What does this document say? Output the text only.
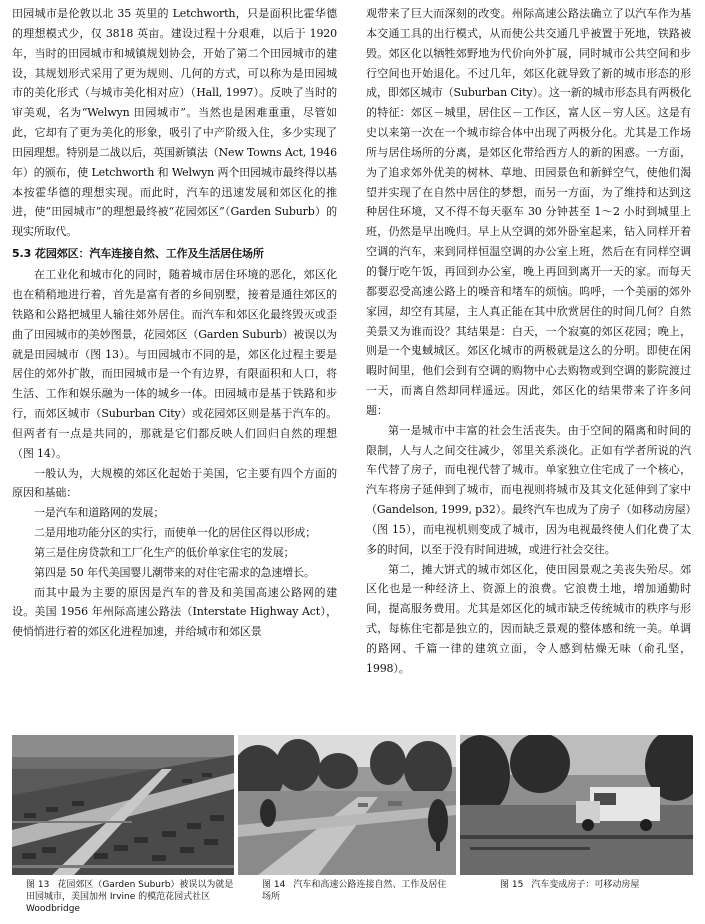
田园城市是伦敦以北 35 英里的 Letchworth，只是面积比霍华德的理想模式少，仅 3818 英亩。建设过程十分艰难，以后于 1920 年，当时的田园城市和城镇规划协会，开始了第二个田园城市的建设，其规划形式采用了更为规则、几何的方式，可以称为是田园城市的美化形式（与城市美化相对应）（Hall, 1997）。反映了当时的审美观，名为“Welwyn 田园城市”。当然也是困难重重，尽管如此，它却有了更为美化的形象，吸引了中产阶级入住，多少实现了田园理想。特别是二战以后，英国新镇法（New Towns Act, 1946 年）的颁布，使 Letchworth 和 Welwyn 两个田园城市最终得以基本按霍华德的理想实现。而此时，汽车的迅速发展和郊区化的推进，使“田园城市”的理想最终被“花园郊区”（Garden Suburb）的现实所取代。

5.3 花园郊区：汽车连接自然、工作及生活居住场所

在工业化和城市化的同时，随着城市居住环境的恶化，郊区化也在稍稍地进行着，首先是富有者的乡间别墅，接着是通往郊区的铁路和公路把城里人输往郊外居住。而汽车和郊区化最终毁灭或歪曲了田园城市的美妙图景，花园郊区（Garden Suburb）被误以为就是田园城市（图 13）。与田园城市不同的是，郊区化过程主要是居住的郊外扩散，而田园城市是一个有边界，有限面积和人口，将生活、工作和娱乐融为一体的城乡一体。田园城市是基于铁路和步行，而郊区城市（Suburban City）或花园郊区则是基于汽车的。但两者有一点是共同的，那就是它们都反映人们回归自然的理想（图 14）。

一般认为，大规模的郊区化起始于美国，它主要有四个方面的原因和基础：

一是汽车和道路网的发展；

二是用地功能分区的实行，而使单一化的居住区得以形成；

第三是住房贷款和工厂化生产的低价单家住宅的发展；

第四是 50 年代美国婴儿潮带来的对住宅需求的急速增长。

而其中最为主要的原因是汽车的普及和美国高速公路网的建设。美国 1956 年州际高速公路法（Interstate Highway Act），使悄悄进行着的郊区化进程加速，并给城市和郊区景

观带来了巨大而深刻的改变。州际高速公路法确立了以汽车作为基本交通工具的出行模式，从而使公共交通几乎被置于死地，铁路被毁。郊区化以牺牲郊野地为代价向外扩展，同时城市公共空间和步行空间也开始退化。不过几年，郊区化就导致了新的城市形态的形成，即郊区城市（Suburban City）。这一新的城市形态具有两极化的特征：郊区－城里，居住区－工作区，富人区－穷人区。这是有史以来第一次在一个城市综合体中出现了两极分化。尤其是工作场所与居住场所的分离，是郊区化带给西方人的新的困惑。一方面，为了追求郊外优美的树林、草地、田园景色和新鲜空气，使他们渴望并实现了在自然中居住的梦想，而另一方面，为了维持和达到这种居住环境，又不得不每天驱车 30 分钟甚至 1～2 小时到城里上班，仍然是早出晚归。早上从空调的郊外卧室起来，钻入同样开着空调的汽车，来到同样恒温空调的办公室上班，然后在有同样空调的餐厅吃午饭，再回到办公室，晚上再回到离开一天的家。而每天都要忍受高速公路上的噪音和堵车的烦恼。呜呼，一个美丽的郊外家园，却空有其屋，主人真正能在其中欣赏居住的时间几何？自然美景又为谁而设？其结果是：白天，一个寂寞的郊区花园；晚上，则是一个鬼蜮城区。郊区化城市的两极就是这么的分明。即使在闲暇时间里，他们会到有空调的购物中心去购物或到空调的影院渡过一天，而离自然却同样遥远。因此，郊区化的结果带来了许多问题：

第一是城市中丰富的社会生活丧失。由于空间的隔离和时间的限制，人与人之间交往减少，邻里关系淡化。正如有学者所说的汽车代替了房子，而电视代替了城市。单家独立住宅成了一个核心，汽车将房子延伸到了城市，而电视则将城市及其文化延伸到了家中（Gandelson, 1999, p32）。最终汽车也成为了房子（如移动房屋）（图 15），而电视机则变成了城市，因为电视最终使人们化费了太多的时间，以至于没有时间进城，或进行社会交往。

第二，摊大饼式的城市郊区化，使田园景观之美丧失殆尽。郊区化也是一种经济上、资源上的浪费。它浪费土地，增加通勤时间，提高服务费用。尤其是郊区化的城市缺乏传统城市的秩序与形式，每栋住宅都是独立的，因而缺乏景观的整体感和统一美。单调的路网、千篇一律的建筑立面，令人感到枯燥无味（俞孔坚，1998）。

图 13 花园郊区（Garden Suburb）被误以为就是田园城市，美国加州 Irvine 的模范花园式社区 Woodbridge
图 14 汽车和高速公路连接自然、工作及居住场所
图 15 汽车变成房子：可移动房屋
